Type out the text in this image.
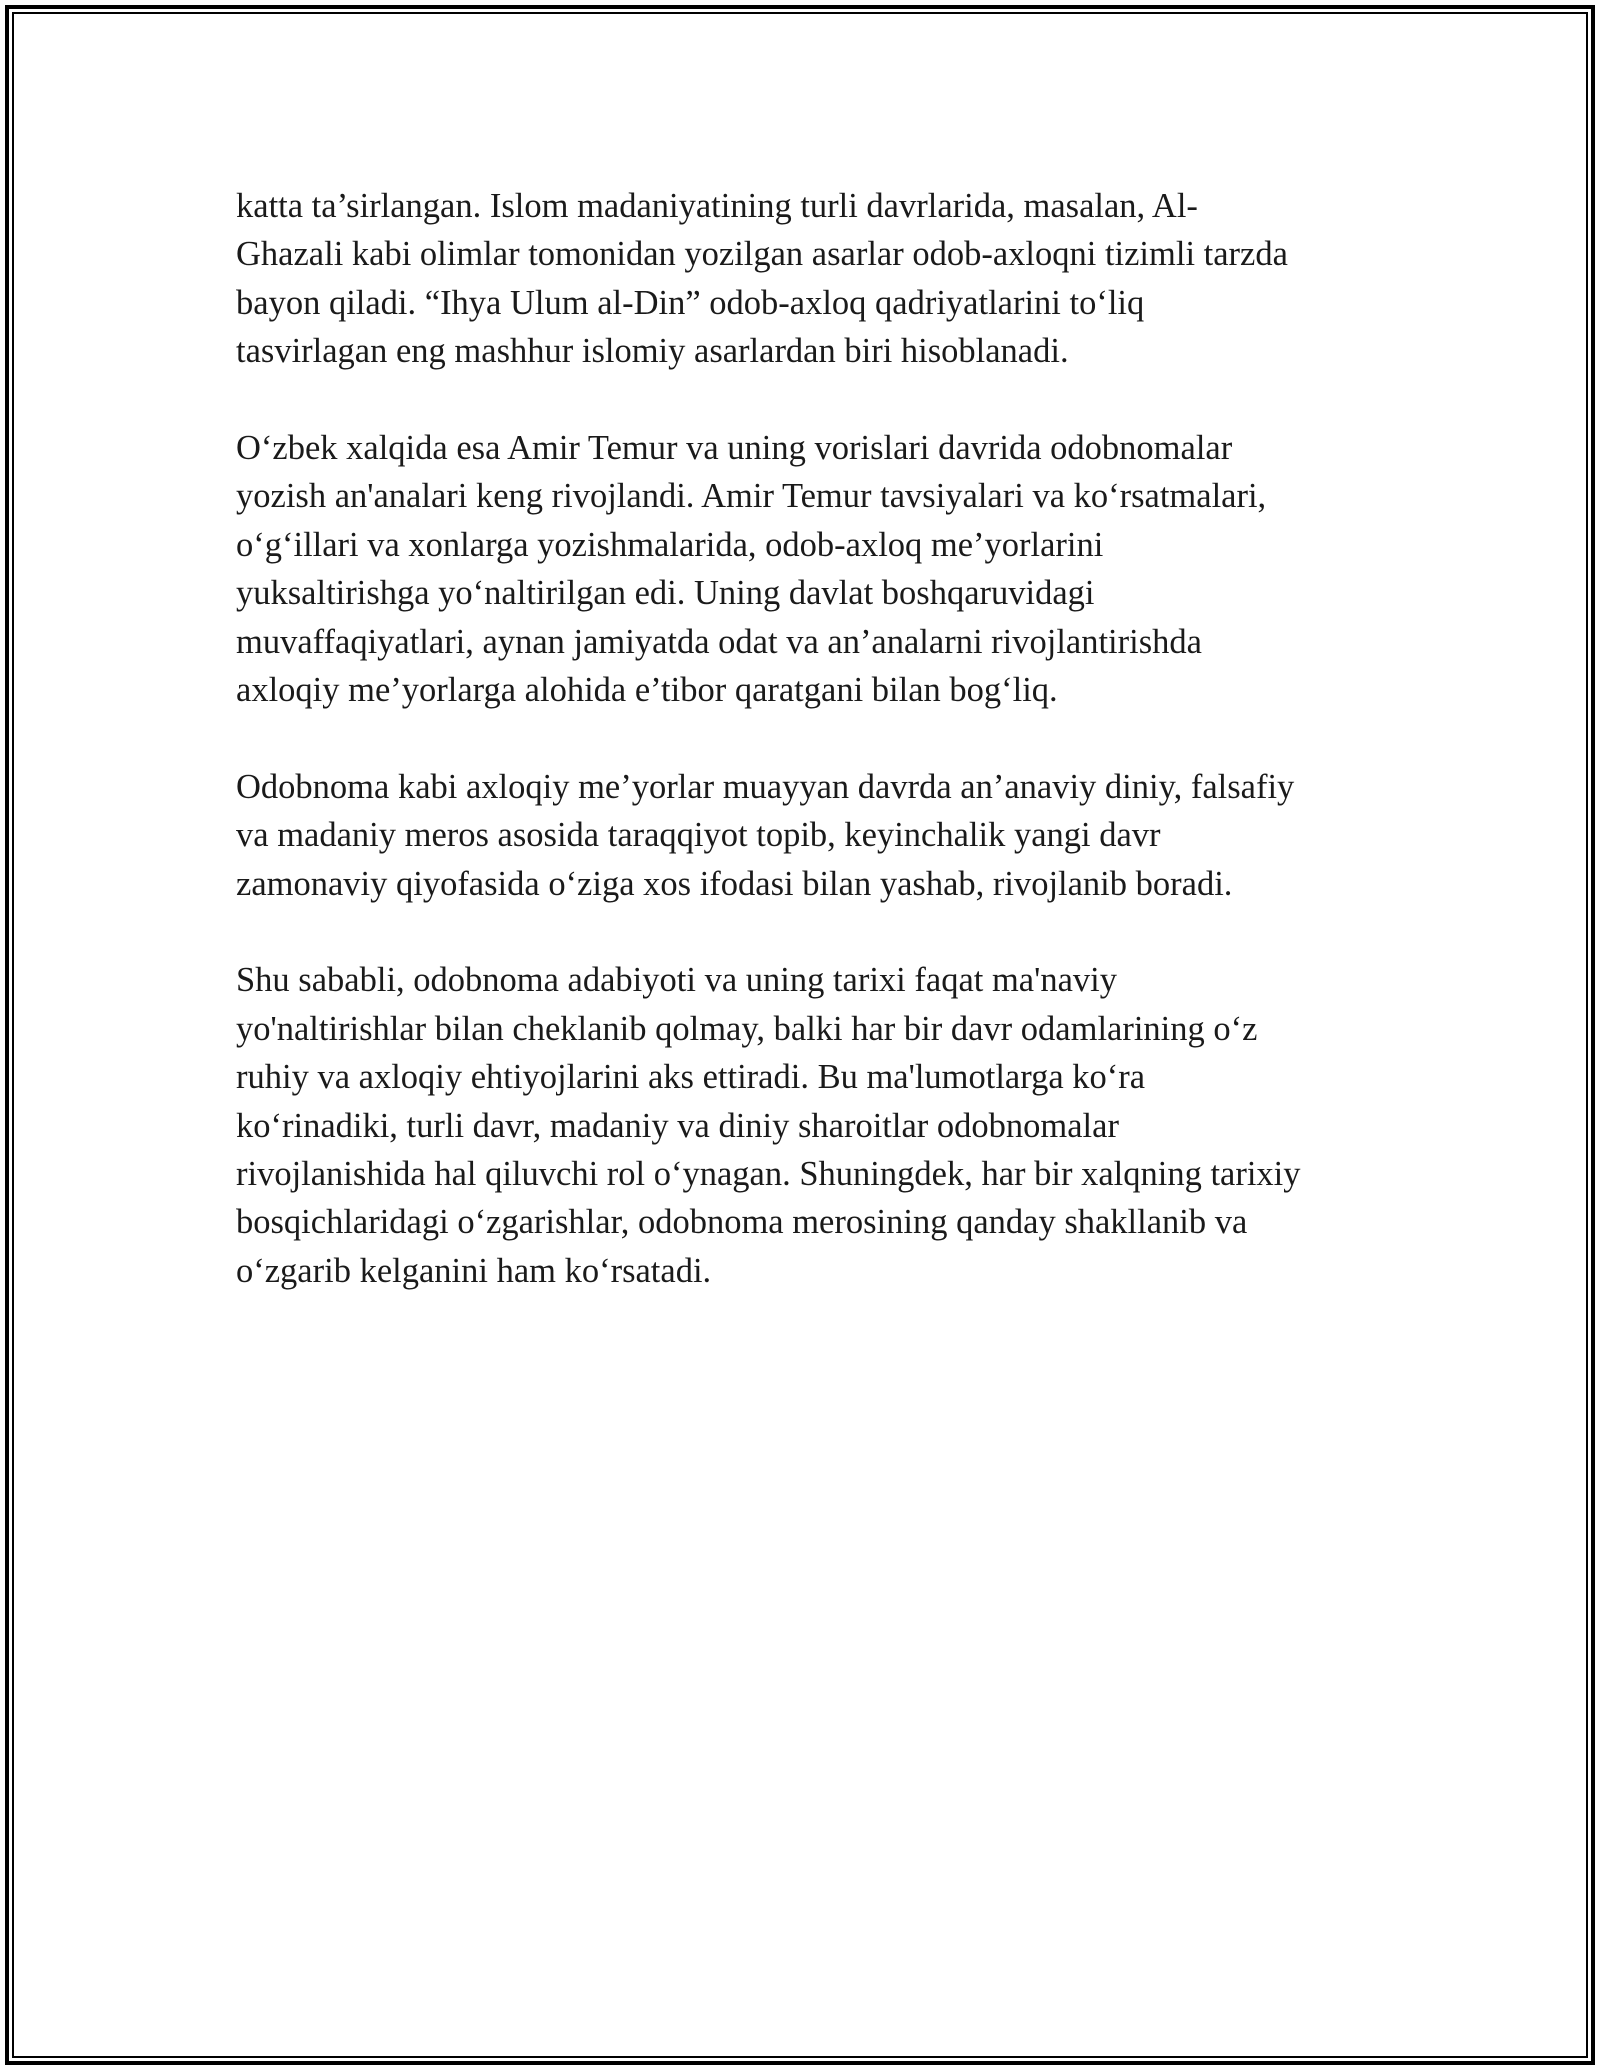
katta ta’sirlangan. Islom madaniyatining turli davrlarida, masalan, Al-
Ghazali kabi olimlar tomonidan yozilgan asarlar odob-axloqni tizimli tarzda
bayon qiladi. “Ihya Ulum al-Din” odob-axloq qadriyatlarini to‘liq
tasvirlagan eng mashhur islomiy asarlardan biri hisoblanadi.

O‘zbek xalqida esa Amir Temur va uning vorislari davrida odobnomalar
yozish an'analari keng rivojlandi. Amir Temur tavsiyalari va ko‘rsatmalari,
o‘g‘illari va xonlarga yozishmalarida, odob-axloq me’yorlarini
yuksaltirishga yo‘naltirilgan edi. Uning davlat boshqaruvidagi
muvaffaqiyatlari, aynan jamiyatda odat va an’analarni rivojlantirishda
axloqiy me’yorlarga alohida e’tibor qaratgani bilan bog‘liq.

Odobnoma kabi axloqiy me’yorlar muayyan davrda an’anaviy diniy, falsafiy
va madaniy meros asosida taraqqiyot topib, keyinchalik yangi davr
zamonaviy qiyofasida o‘ziga xos ifodasi bilan yashab, rivojlanib boradi.

Shu sababli, odobnoma adabiyoti va uning tarixi faqat ma'naviy
yo'naltirishlar bilan cheklanib qolmay, balki har bir davr odamlarining o‘z
ruhiy va axloqiy ehtiyojlarini aks ettiradi. Bu ma'lumotlarga ko‘ra
ko‘rinadiki, turli davr, madaniy va diniy sharoitlar odobnomalar
rivojlanishida hal qiluvchi rol o‘ynagan. Shuningdek, har bir xalqning tarixiy
bosqichlaridagi o‘zgarishlar, odobnoma merosining qanday shakllanib va
o‘zgarib kelganini ham ko‘rsatadi.
